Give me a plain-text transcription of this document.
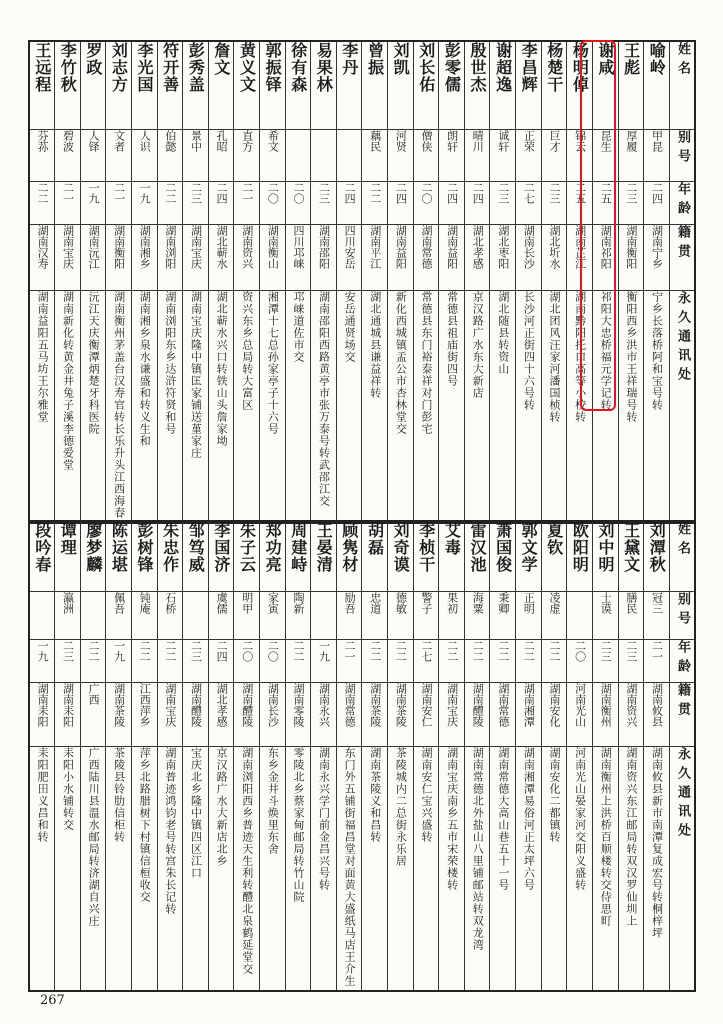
王远程	李竹秋	罗政	刘志方	李光国	符开善	彭秀盖	詹文	黄义文	郭振铎	徐有森	易果林	李丹	曾振	刘凯	刘长佑	彭零儒	殷世杰	谢超逸	李昌辉	杨楚干	杨明倬	谢咸	王彪	喻岭	姓名
芬荪	碧波	人铎	文者	人识	伯懿	景中	孔昭	直方	希文				藕民	河贤	僧侠	朗轩	晴川	诚轩	正荣	巨才	锦云	昆生	厚履	甲昆	别号
二二	二一	一九	二一	一九	二二	二三	二四	二一	二〇	二〇	二三	二四	二二	二四	二〇	二四	二四	二三	二七	二三	二五	二五	二三	二四	年龄
湖南汉寿	湖南宝庆	湖南沅江	湖南衡阳	湖南湘乡	湖南浏阳	湖南宝庆	湖北蕲水	湖南资兴	湖南衡山	四川邛崃	湖南邵阳	四川安岳	湖南平江	湖南益阳	湖南常德	湖南益阳	湖北孝感	湖北枣阳	湖南长沙	湖北圻水	湖南芷江	湖南祁阳	湖南衡阳	湖南宁乡	籍贯
湖南益阳五马坊王尔雅堂	湖南新化转黄金井兔子溪李德爱堂	沅江天庆衡潭炳楚牙科医院	湖南衡州茅盖台汉寿官转长乐升头江西海春	湖南湘乡泉水谦盛和转义生和	湖南浏阳东乡达浒符贤和号	湖南宝庆隆中镇匡家铺送堇家庄	湖北蕲水兴口转铁山头詹家坳	资兴东乡总局转大富区	湘潭十七总孙家亭子十六号	邛崃道佐市交	湖南邵阳西路黄亭市张万泰号转武邵江交	安岳通贤场交	湖北通城县谦益祥转	新化西城镇孟公市杏林堂交	常德县东门裕泰祥对门彭宅	常德县祖庙街四号	京汉路广水东大新店	湖北随县转资山	长沙河正街四十六号转	湖北团风汪家河潘国桢转	湖南黔阳托口高等小校转	祁阳大忠桥福元学记转	衡阳西乡洪市王祥瑞号转	宁乡长落桥阿和宝号转	永久通讯处
段吟春	谭理	廖梦麟	陈运堪	彭树锋	朱忠作	邹笃威	李国济	朱子云	郑功亮	周建峙	王晏清	顾隽材	胡磊	刘奇谟	李桢干	艾毒	雷汉池	萧国俊	郭文学	夏钦	欧阳明	刘中明	王黛文	刘潭秋	姓名
	瀛洲		佩吾	钝庵	石桥		虞儒	明甲	家寅	陶新		励吾	忠道	德敏	警子	果初	海粟	秉卿	正明	凌虚		士谟	膳民	冠三	别号
一九	二三	二二	一九	二二	二二	二三	二四	二〇	二〇	二二	一九	二一	二二	二二	二七	二二	二二	二二	二二	二二	二〇	二三	二三	二一	年龄
湖南耒阳	湖南耒阳	广西	湖南茶陵	江西萍乡	湖南宝庆	湖南醴陵	湖北孝感	湖南醴陵	湖南长沙	湖南零陵	湖南永兴	湖南常德	湖南茶陵	湖南茶陵	湖南安仁	湖南宝庆	湖南醴陵	湖南常德	湖南湘潭	湖南安化	河南光山	湖南衡州	湖南资兴	湖南攸县	籍贯
耒阳肥田义昌和转	耒阳小水铺转交	广西陆川县温水邮局转济湖自兴庄	茶陵县铃肋信柜转	萍乡北路腊树下村镇信桓收交	湖南普迹鸿钧老号转宫朱长记转	宝庆北乡隆中镇四区江口	京汉路广水大新店北乡	湖南浏阳西乡普迹天生利转醴北泉鹤延堂交	东乡金井斗焕里东舍	零陵北乡蔡家甸邮局转竹山院	湖南永兴学门前金昌兴号转	东门外五铺街福昌堂对面黄大盛纸马店王介生	湖南茶陵义和昌转	茶陵城内二总街永乐居	湖南安仁宝兴盛转	湖南宝庆南乡五市宋荣楼转	湖南常德北外盐山八里铺邮站转双龙湾	湖南常德大高山巷五十一号	湖南湘潭易俗河正太坪六号	湖南安化二都镇转	河南光山晏家河交阳义盛转	湖南衡州上洪桥百顺楼转交侍思町	湖南资兴东江邮局转双汉罗仙圳上	湖南攸县新市南潭复成宏号转桐梓坪	永久通讯处
267
